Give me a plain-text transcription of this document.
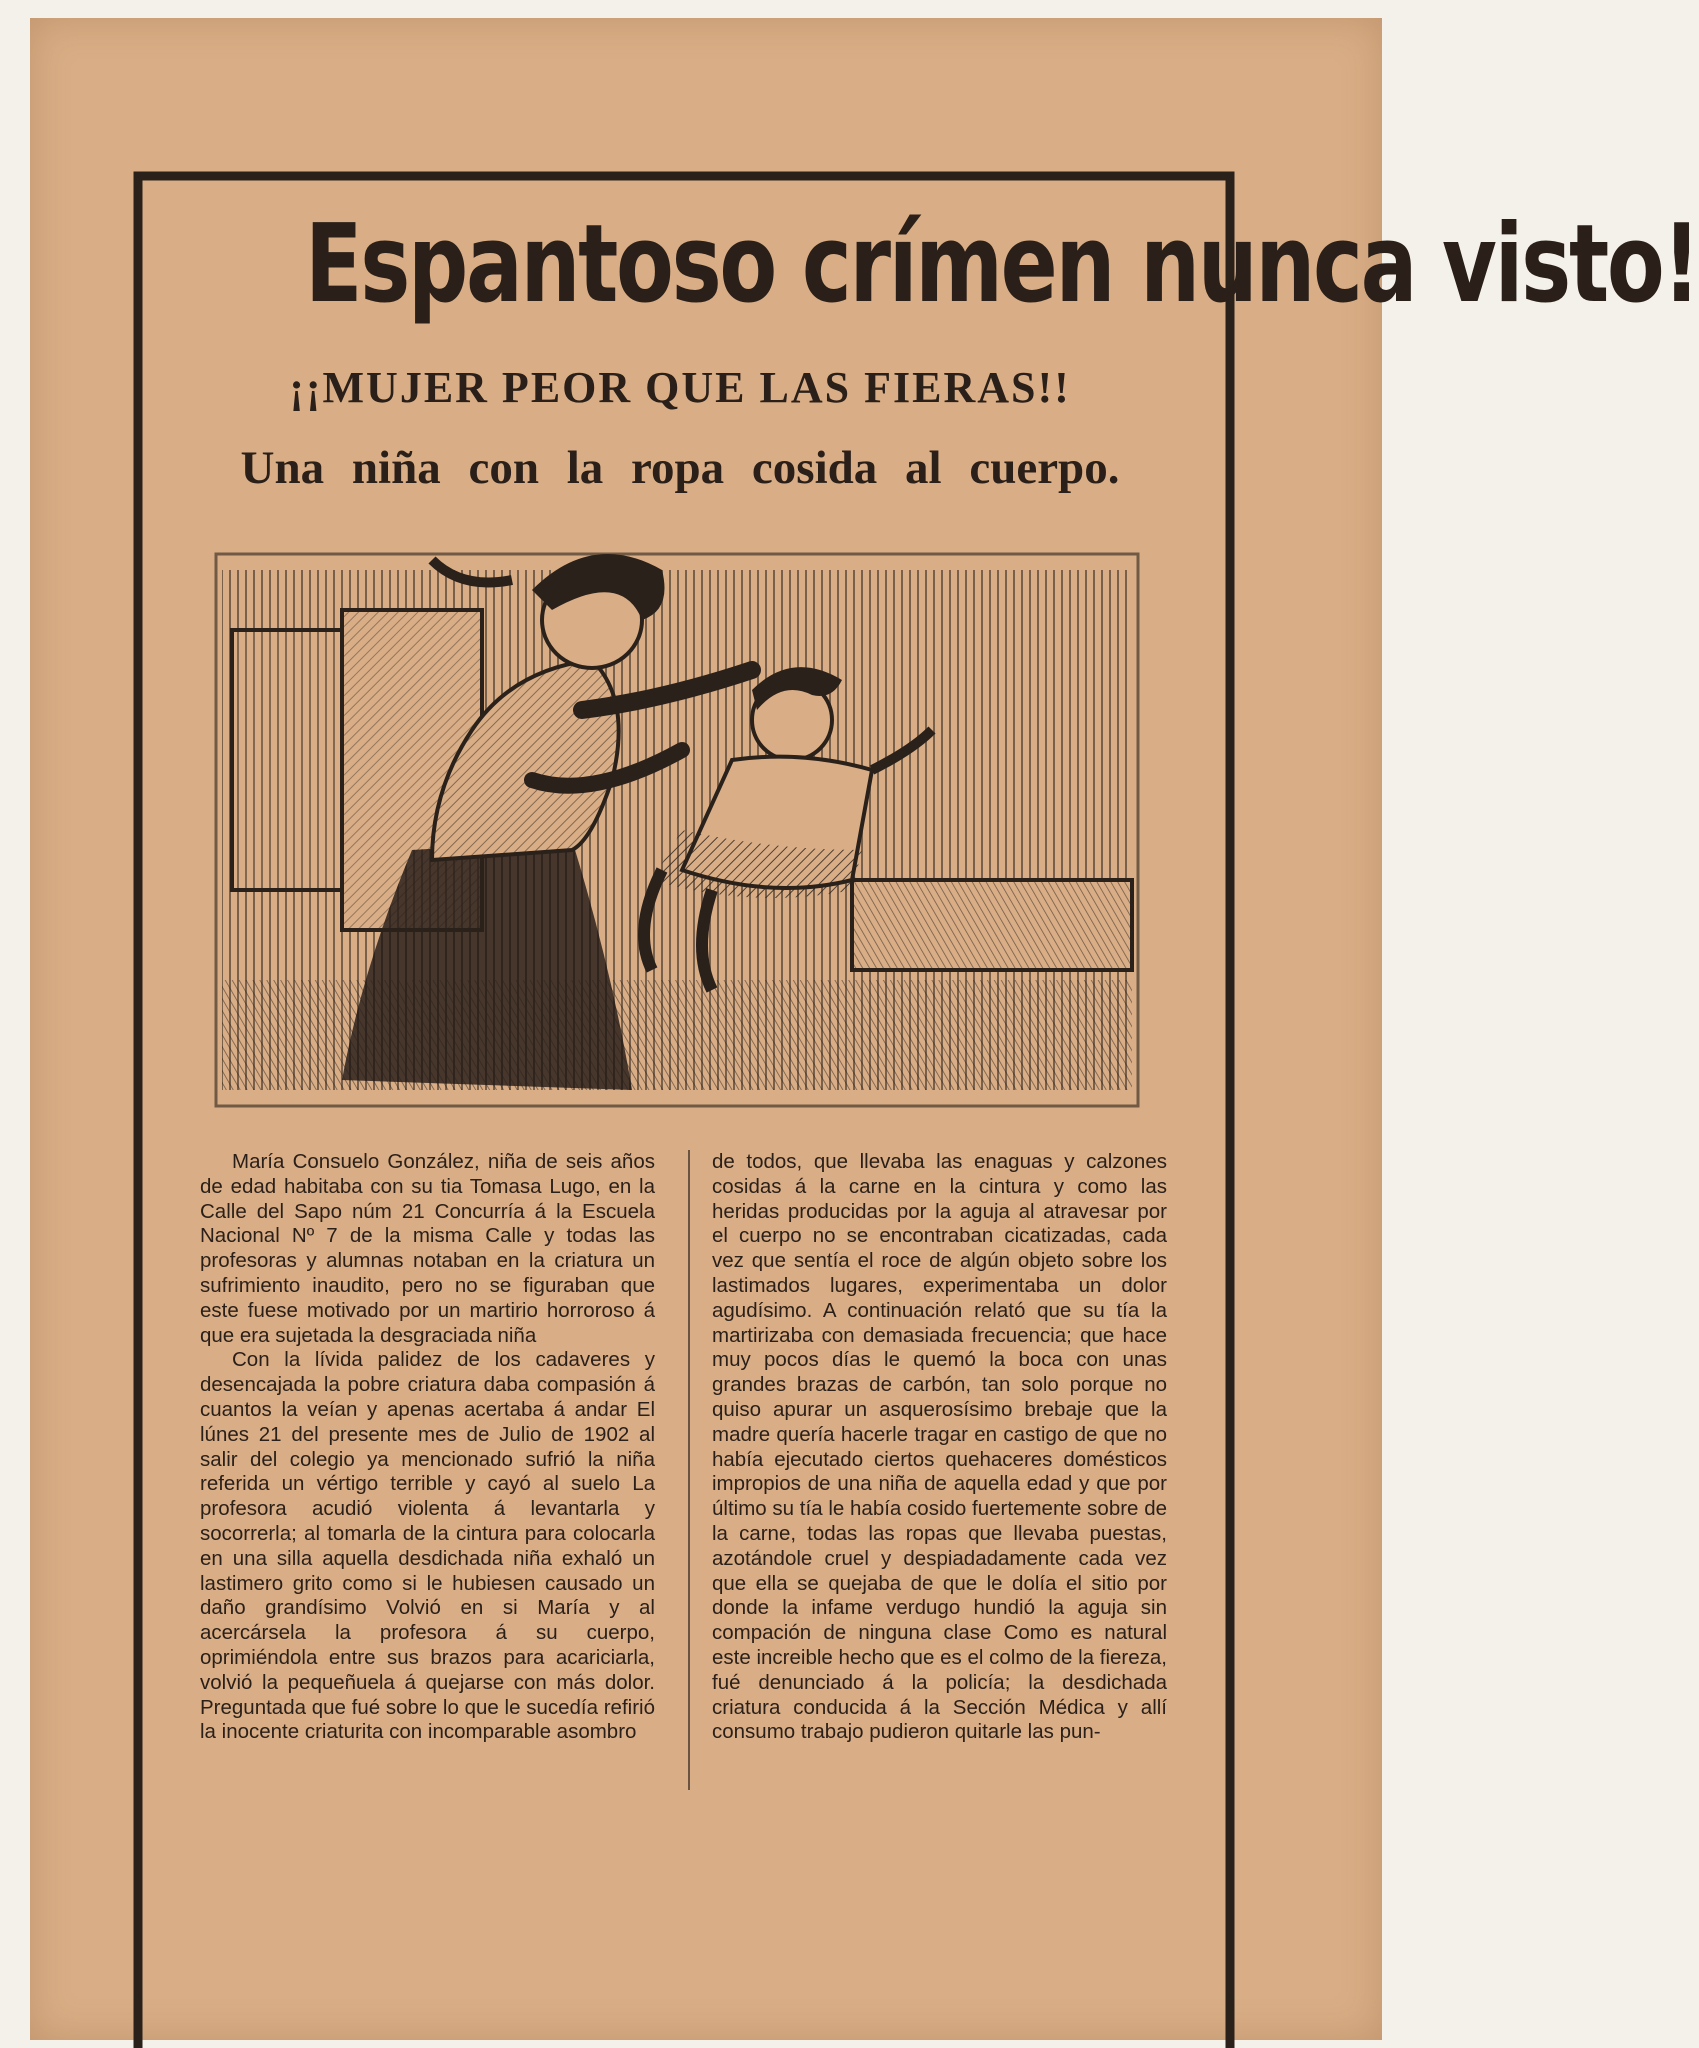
Espantoso crímen nunca visto!
¡¡MUJER PEOR QUE LAS FIERAS!!
Una niña con la ropa cosida al cuerpo.

María Consuelo González, niña de seis años de edad habitaba con su tia Tomasa Lugo, en la Calle del Sapo núm 21 Concurría á la Escuela Nacional Nº 7 de la misma Calle y todas las profesoras y alumnas notaban en la criatura un sufrimiento inaudito, pero no se figuraban que este fuese motivado por un martirio horroroso á que era sujetada la desgraciada niña

Con la lívida palidez de los cadaveres y desencajada la pobre criatura daba compasión á cuantos la veían y apenas acertaba á andar El lúnes 21 del presente mes de Julio de 1902 al salir del colegio ya mencionado sufrió la niña referida un vértigo terrible y cayó al suelo La profesora acudió violenta á levantarla y socorrerla; al tomarla de la cintura para colocarla en una silla aquella desdichada niña exhaló un lastimero grito como si le hubiesen causado un daño grandísimo Volvió en si María y al acercársela la profesora á su cuerpo, oprimiéndola entre sus brazos para acariciarla, volvió la pequeñuela á quejarse con más dolor. Preguntada que fué sobre lo que le sucedía refirió la inocente criaturita con incomparable asombro

de todos, que llevaba las enaguas y calzones cosidas á la carne en la cintura y como las heridas producidas por la aguja al atravesar por el cuerpo no se encontraban cicatizadas, cada vez que sentía el roce de algún objeto sobre los lastimados lugares, experimentaba un dolor agudísimo. A continuación relató que su tía la martirizaba con demasiada frecuencia; que hace muy pocos días le quemó la boca con unas grandes brazas de carbón, tan solo porque no quiso apurar un asquerosísimo brebaje que la madre quería hacerle tragar en castigo de que no había ejecutado ciertos quehaceres domésticos impropios de una niña de aquella edad y que por último su tía le había cosido fuertemente sobre de la carne, todas las ropas que llevaba puestas, azotándole cruel y despiadadamente cada vez que ella se quejaba de que le dolía el sitio por donde la infame verdugo hundió la aguja sin compación de ninguna clase Como es natural este increible hecho que es el colmo de la fiereza, fué denunciado á la policía; la desdichada criatura conducida á la Sección Médica y allí consumo trabajo pudieron quitarle las pun-
